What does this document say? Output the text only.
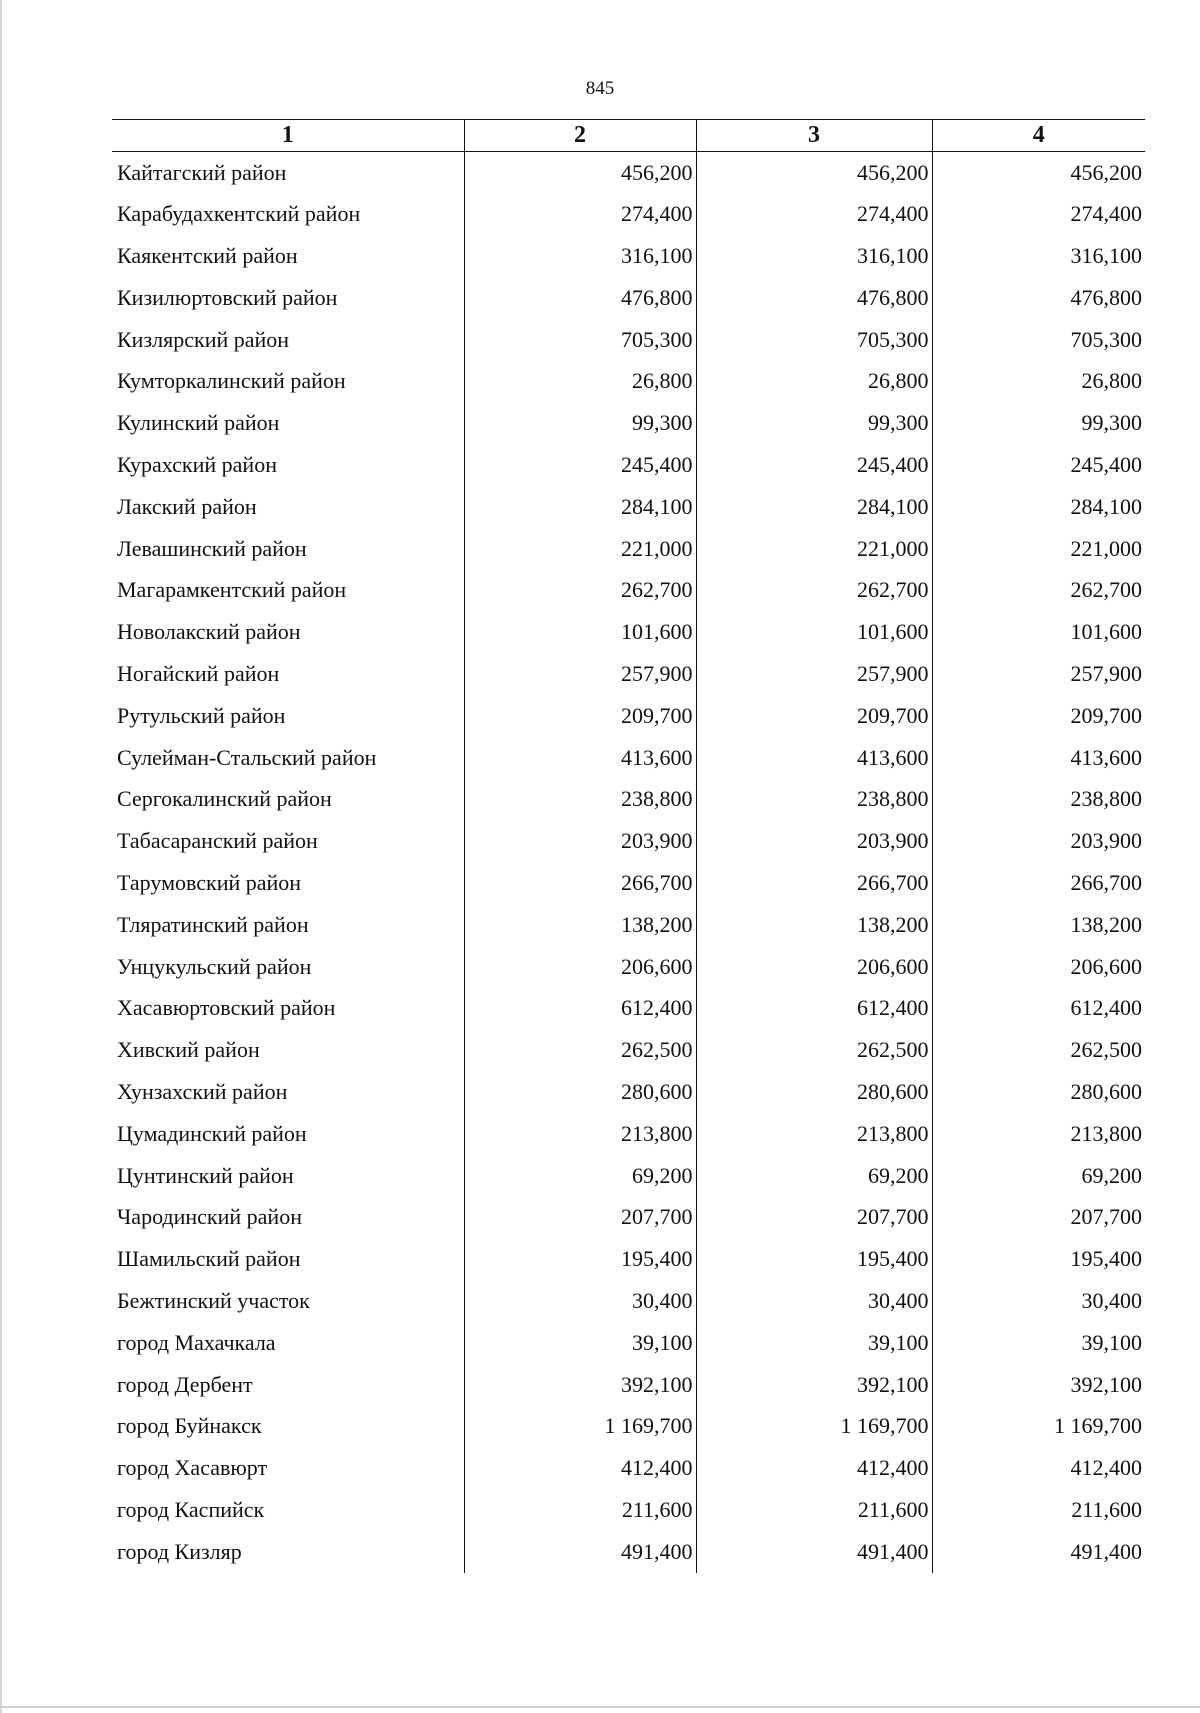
845
1	2	3	4
Кайтагский район	456,200	456,200	456,200
Карабудахкентский район	274,400	274,400	274,400
Каякентский район	316,100	316,100	316,100
Кизилюртовский район	476,800	476,800	476,800
Кизлярский район	705,300	705,300	705,300
Кумторкалинский район	26,800	26,800	26,800
Кулинский район	99,300	99,300	99,300
Курахский район	245,400	245,400	245,400
Лакский район	284,100	284,100	284,100
Левашинский район	221,000	221,000	221,000
Магарамкентский район	262,700	262,700	262,700
Новолакский район	101,600	101,600	101,600
Ногайский район	257,900	257,900	257,900
Рутульский район	209,700	209,700	209,700
Сулейман-Стальский район	413,600	413,600	413,600
Сергокалинский район	238,800	238,800	238,800
Табасаранский район	203,900	203,900	203,900
Тарумовский район	266,700	266,700	266,700
Тляратинский район	138,200	138,200	138,200
Унцукульский район	206,600	206,600	206,600
Хасавюртовский район	612,400	612,400	612,400
Хивский район	262,500	262,500	262,500
Хунзахский район	280,600	280,600	280,600
Цумадинский район	213,800	213,800	213,800
Цунтинский район	69,200	69,200	69,200
Чародинский район	207,700	207,700	207,700
Шамильский район	195,400	195,400	195,400
Бежтинский участок	30,400	30,400	30,400
город Махачкала	39,100	39,100	39,100
город Дербент	392,100	392,100	392,100
город Буйнакск	1 169,700	1 169,700	1 169,700
город Хасавюрт	412,400	412,400	412,400
город Каспийск	211,600	211,600	211,600
город Кизляр	491,400	491,400	491,400
